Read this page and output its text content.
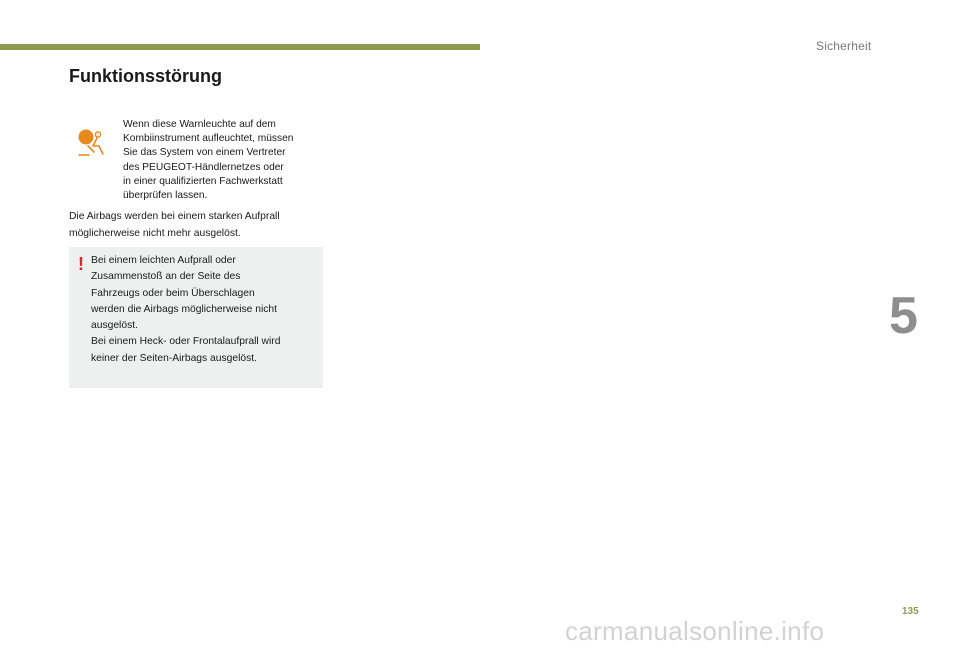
Sicherheit
Funktionsstörung

Wenn diese Warnleuchte auf dem
Kombiinstrument aufleuchtet, müssen
Sie das System von einem Vertreter
des PEUGEOT-Händlernetzes oder
in einer qualifizierten Fachwerkstatt
überprüfen lassen.

Die Airbags werden bei einem starken Aufprall
möglicherweise nicht mehr ausgelöst.

! Bei einem leichten Aufprall oder
Zusammenstoß an der Seite des
Fahrzeugs oder beim Überschlagen
werden die Airbags möglicherweise nicht
ausgelöst.
Bei einem Heck- oder Frontalaufprall wird
keiner der Seiten-Airbags ausgelöst.

5
135
carmanualsonline.info
